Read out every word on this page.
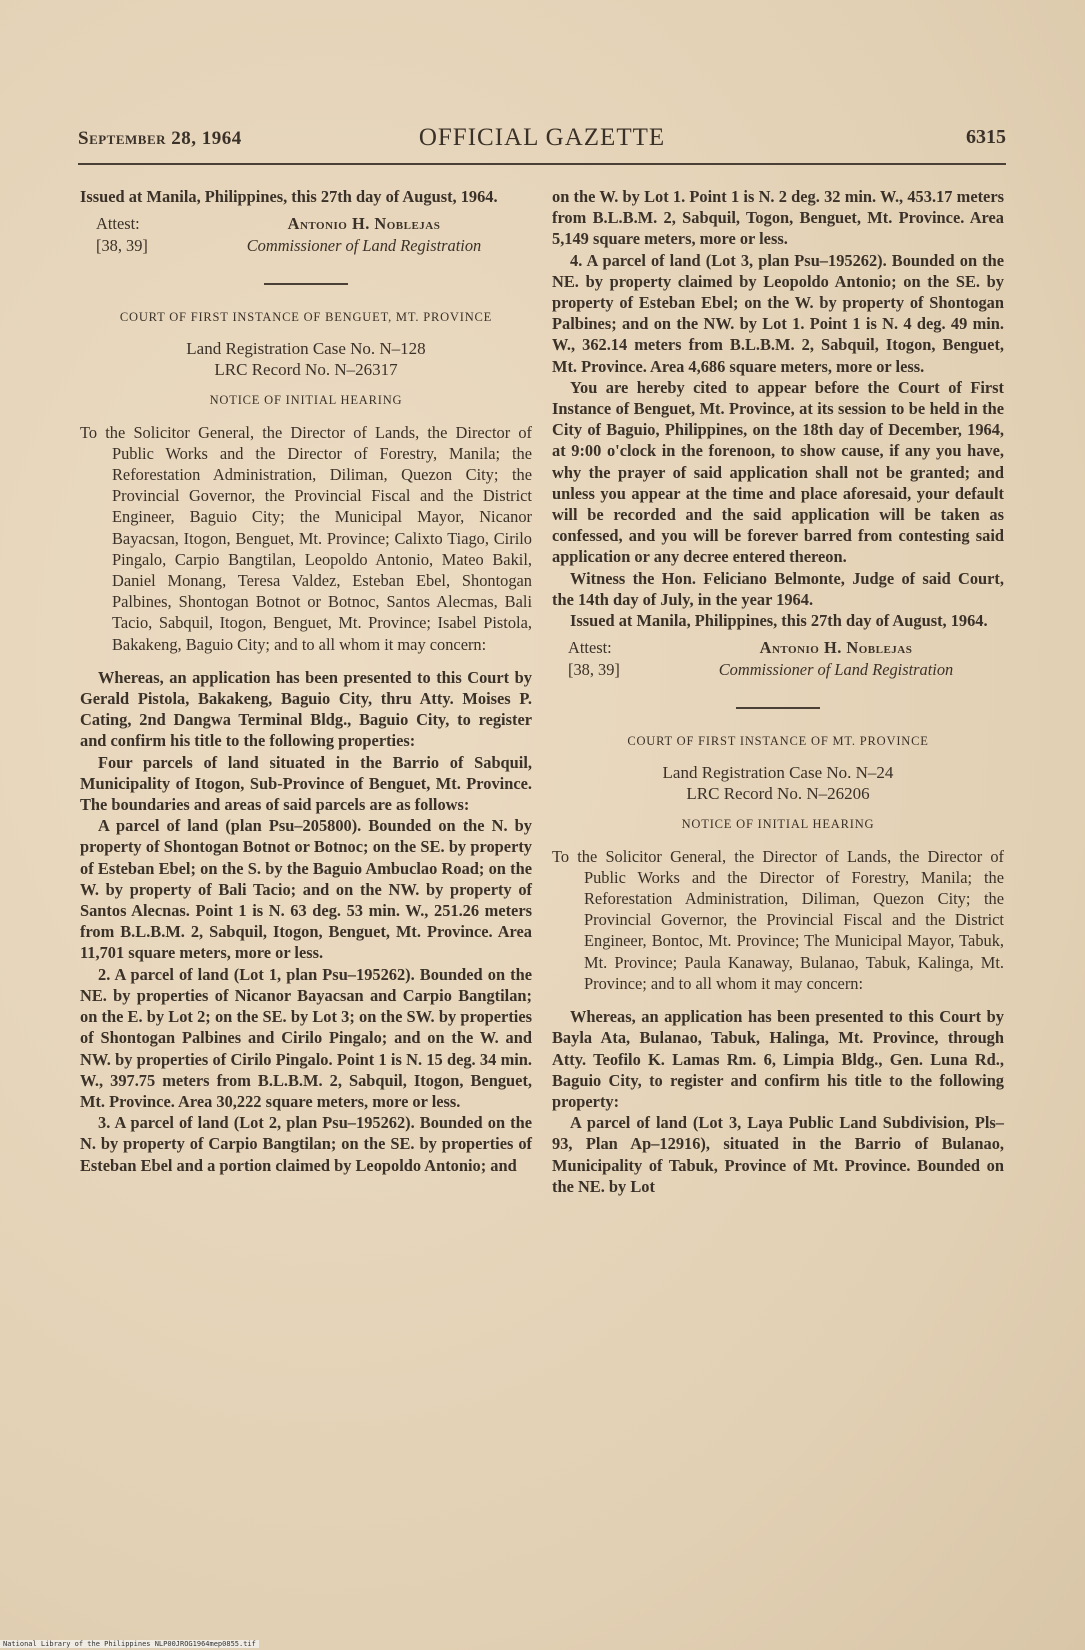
September 28, 1964	OFFICIAL GAZETTE	6315

Issued at Manila, Philippines, this 27th day of August, 1964.

Attest:
[38, 39]
Antonio H. Noblejas
Commissioner of Land Registration
COURT OF FIRST INSTANCE OF BENGUET, MT. PROVINCE
Land Registration Case No. N–128
LRC Record No. N–26317
NOTICE OF INITIAL HEARING

To the Solicitor General, the Director of Lands, the Director of Public Works and the Director of Forestry, Manila; the Reforestation Administration, Diliman, Quezon City; the Provincial Governor, the Provincial Fiscal and the District Engineer, Baguio City; the Municipal Mayor, Nicanor Bayacsan, Itogon, Benguet, Mt. Province; Calixto Tiago, Cirilo Pingalo, Carpio Bangtilan, Leopoldo Antonio, Mateo Bakil, Daniel Monang, Teresa Valdez, Esteban Ebel, Shontogan Palbines, Shontogan Botnot or Botnoc, Santos Alecmas, Bali Tacio, Sabquil, Itogon, Benguet, Mt. Province; Isabel Pistola, Bakakeng, Baguio City; and to all whom it may concern:

Whereas, an application has been presented to this Court by Gerald Pistola, Bakakeng, Baguio City, thru Atty. Moises P. Cating, 2nd Dangwa Terminal Bldg., Baguio City, to register and confirm his title to the following properties:

Four parcels of land situated in the Barrio of Sabquil, Municipality of Itogon, Sub-Province of Benguet, Mt. Province. The boundaries and areas of said parcels are as follows:

A parcel of land (plan Psu–205800). Bounded on the N. by property of Shontogan Botnot or Botnoc; on the SE. by property of Esteban Ebel; on the S. by the Baguio Ambuclao Road; on the W. by property of Bali Tacio; and on the NW. by property of Santos Alecnas. Point 1 is N. 63 deg. 53 min. W., 251.26 meters from B.L.B.M. 2, Sabquil, Itogon, Benguet, Mt. Province. Area 11,701 square meters, more or less.

2. A parcel of land (Lot 1, plan Psu–195262). Bounded on the NE. by properties of Nicanor Bayacsan and Carpio Bangtilan; on the E. by Lot 2; on the SE. by Lot 3; on the SW. by properties of Shontogan Palbines and Cirilo Pingalo; and on the W. and NW. by properties of Cirilo Pingalo. Point 1 is N. 15 deg. 34 min. W., 397.75 meters from B.L.B.M. 2, Sabquil, Itogon, Benguet, Mt. Province. Area 30,222 square meters, more or less.

3. A parcel of land (Lot 2, plan Psu–195262). Bounded on the N. by property of Carpio Bangtilan; on the SE. by properties of Esteban Ebel and a portion claimed by Leopoldo Antonio; and

on the W. by Lot 1. Point 1 is N. 2 deg. 32 min. W., 453.17 meters from B.L.B.M. 2, Sabquil, Togon, Benguet, Mt. Province. Area 5,149 square meters, more or less.

4. A parcel of land (Lot 3, plan Psu–195262). Bounded on the NE. by property claimed by Leopoldo Antonio; on the SE. by property of Esteban Ebel; on the W. by property of Shontogan Palbines; and on the NW. by Lot 1. Point 1 is N. 4 deg. 49 min. W., 362.14 meters from B.L.B.M. 2, Sabquil, Itogon, Benguet, Mt. Province. Area 4,686 square meters, more or less.

You are hereby cited to appear before the Court of First Instance of Benguet, Mt. Province, at its session to be held in the City of Baguio, Philippines, on the 18th day of December, 1964, at 9:00 o'clock in the forenoon, to show cause, if any you have, why the prayer of said application shall not be granted; and unless you appear at the time and place aforesaid, your default will be recorded and the said application will be taken as confessed, and you will be forever barred from contesting said application or any decree entered thereon.

Witness the Hon. Feliciano Belmonte, Judge of said Court, the 14th day of July, in the year 1964.

Issued at Manila, Philippines, this 27th day of August, 1964.

Attest:
[38, 39]
Antonio H. Noblejas
Commissioner of Land Registration
COURT OF FIRST INSTANCE OF MT. PROVINCE
Land Registration Case No. N–24
LRC Record No. N–26206
NOTICE OF INITIAL HEARING

To the Solicitor General, the Director of Lands, the Director of Public Works and the Director of Forestry, Manila; the Reforestation Administration, Diliman, Quezon City; the Provincial Governor, the Provincial Fiscal and the District Engineer, Bontoc, Mt. Province; The Municipal Mayor, Tabuk, Mt. Province; Paula Kanaway, Bulanao, Tabuk, Kalinga, Mt. Province; and to all whom it may concern:

Whereas, an application has been presented to this Court by Bayla Ata, Bulanao, Tabuk, Halinga, Mt. Province, through Atty. Teofilo K. Lamas Rm. 6, Limpia Bldg., Gen. Luna Rd., Baguio City, to register and confirm his title to the following property:

A parcel of land (Lot 3, Laya Public Land Subdivision, Pls–93, Plan Ap–12916), situated in the Barrio of Bulanao, Municipality of Tabuk, Province of Mt. Province. Bounded on the NE. by Lot

National Library of the Philippines NLP00JROG1964mep0855.tif
